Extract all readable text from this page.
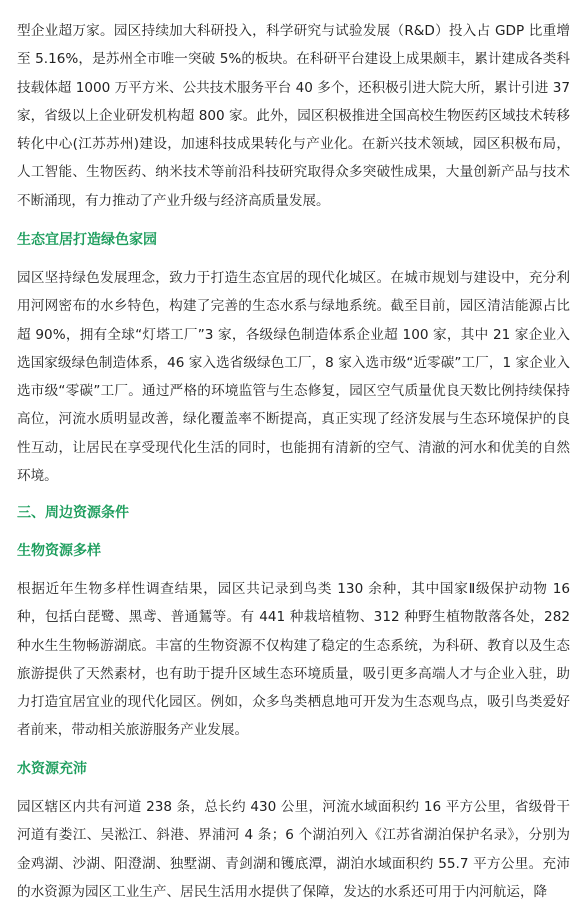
型企业超万家。园区持续加大科研投入，科学研究与试验发展（R&D）投入占 GDP 比重增至 5.16%，是苏州全市唯一突破 5%的板块。在科研平台建设上成果颇丰，累计建成各类科技载体超 1000 万平方米、公共技术服务平台 40 多个，还积极引进大院大所，累计引进 37 家，省级以上企业研发机构超 800 家。此外，园区积极推进全国高校生物医药区域技术转移转化中心(江苏苏州)建设，加速科技成果转化与产业化。在新兴技术领域，园区积极布局，人工智能、生物医药、纳米技术等前沿科技研究取得众多突破性成果，大量创新产品与技术不断涌现，有力推动了产业升级与经济高质量发展。

生态宜居打造绿色家园

园区坚持绿色发展理念，致力于打造生态宜居的现代化城区。在城市规划与建设中，充分利用河网密布的水乡特色，构建了完善的生态水系与绿地系统。截至目前，园区清洁能源占比超 90%，拥有全球“灯塔工厂”3 家，各级绿色制造体系企业超 100 家，其中 21 家企业入选国家级绿色制造体系，46 家入选省级绿色工厂，8 家入选市级“近零碳”工厂，1 家企业入选市级“零碳”工厂。通过严格的环境监管与生态修复，园区空气质量优良天数比例持续保持高位，河流水质明显改善，绿化覆盖率不断提高，真正实现了经济发展与生态环境保护的良性互动，让居民在享受现代化生活的同时，也能拥有清新的空气、清澈的河水和优美的自然环境。

三、周边资源条件
生物资源多样

根据近年生物多样性调查结果，园区共记录到鸟类 130 余种，其中国家Ⅱ级保护动物 16 种，包括白琵鹭、黑鸢、普通鵟等。有 441 种栽培植物、312 种野生植物散落各处，282 种水生生物畅游湖底。丰富的生物资源不仅构建了稳定的生态系统，为科研、教育以及生态旅游提供了天然素材，也有助于提升区域生态环境质量，吸引更多高端人才与企业入驻，助力打造宜居宜业的现代化园区。例如，众多鸟类栖息地可开发为生态观鸟点，吸引鸟类爱好者前来，带动相关旅游服务产业发展。

水资源充沛

园区辖区内共有河道 238 条，总长约 430 公里，河流水域面积约 16 平方公里，省级骨干河道有娄江、吴淞江、斜港、界浦河 4 条；6 个湖泊列入《江苏省湖泊保护名录》，分别为金鸡湖、沙湖、阳澄湖、独墅湖、青剑湖和镬底潭，湖泊水域面积约 55.7 平方公里。充沛的水资源为园区工业生产、居民生活用水提供了保障，发达的水系还可用于内河航运，降
